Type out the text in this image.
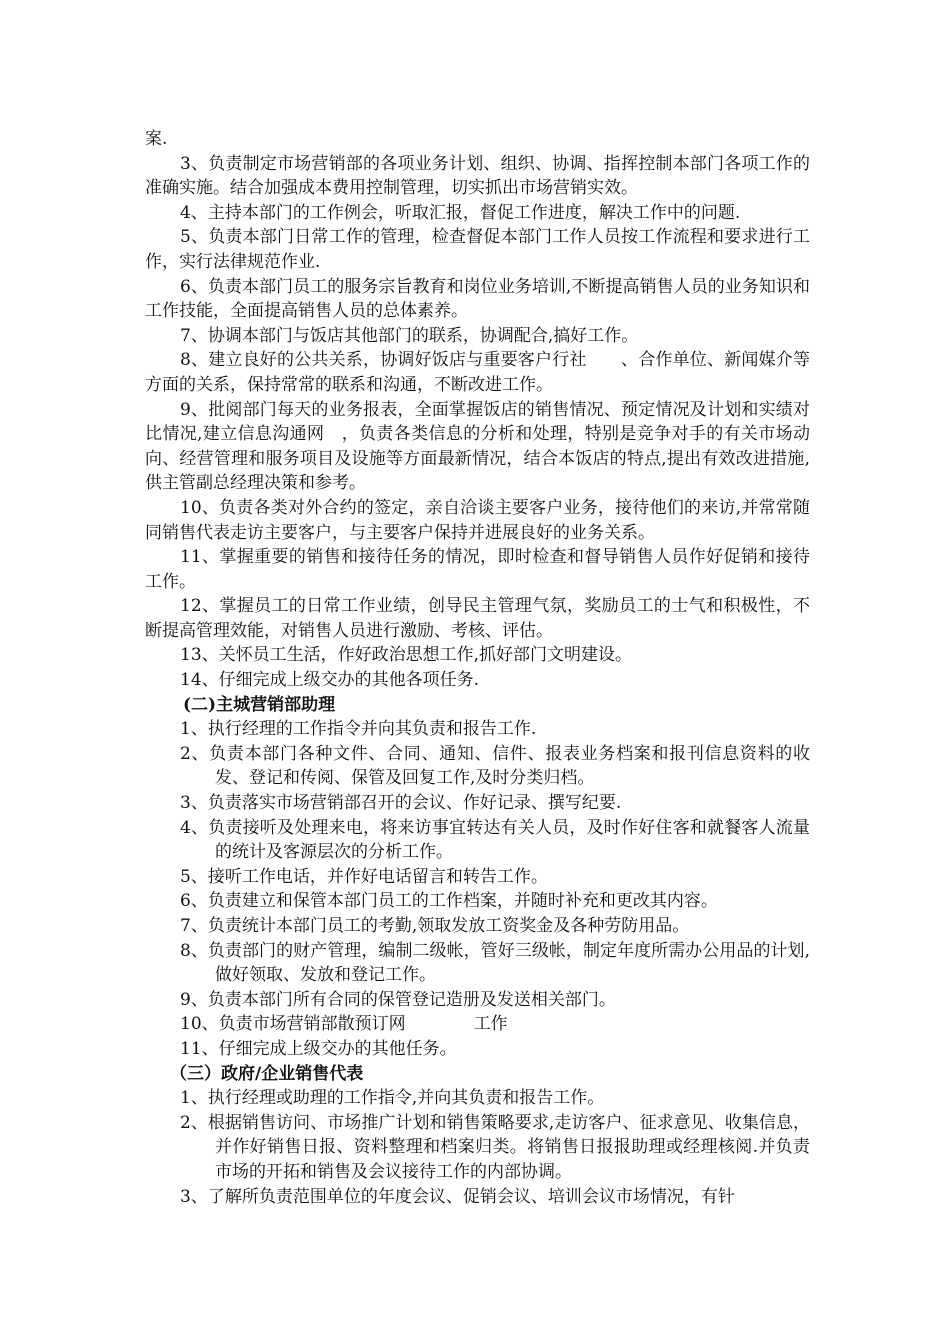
案.

3、负责制定市场营销部的各项业务计划、组织、协调、指挥控制本部门各项工作的准确实施。结合加强成本费用控制管理，切实抓出市场营销实效。

4、主持本部门的工作例会，听取汇报，督促工作进度，解决工作中的问题.

5、负责本部门日常工作的管理，检查督促本部门工作人员按工作流程和要求进行工作，实行法律规范作业.

6、负责本部门员工的服务宗旨教育和岗位业务培训,不断提高销售人员的业务知识和工作技能，全面提高销售人员的总体素养。

7、协调本部门与饭店其他部门的联系，协调配合,搞好工作。

8、建立良好的公共关系，协调好饭店与重要客户行社　　、合作单位、新闻媒介等方面的关系，保持常常的联系和沟通，不断改进工作。

9、批阅部门每天的业务报表，全面掌握饭店的销售情况、预定情况及计划和实绩对比情况,建立信息沟通网　，负责各类信息的分析和处理，特别是竞争对手的有关市场动向、经营管理和服务项目及设施等方面最新情况，结合本饭店的特点,提出有效改进措施,供主管副总经理决策和参考。

10、负责各类对外合约的签定，亲自洽谈主要客户业务，接待他们的来访,并常常随同销售代表走访主要客户，与主要客户保持并进展良好的业务关系。

11、掌握重要的销售和接待任务的情况，即时检查和督导销售人员作好促销和接待工作。

12、掌握员工的日常工作业绩，创导民主管理气氛，奖励员工的士气和积极性，不断提高管理效能，对销售人员进行激励、考核、评估。

13、关怀员工生活，作好政治思想工作,抓好部门文明建设。

14、仔细完成上级交办的其他各项任务.

(二)主城营销部助理

1、执行经理的工作指令并向其负责和报告工作.

2、负责本部门各种文件、合同、通知、信件、报表业务档案和报刊信息资料的收发、登记和传阅、保管及回复工作,及时分类归档。

3、负责落实市场营销部召开的会议、作好记录、撰写纪要.

4、负责接听及处理来电，将来访事宜转达有关人员，及时作好住客和就餐客人流量的统计及客源层次的分析工作。

5、接听工作电话，并作好电话留言和转告工作。

6、负责建立和保管本部门员工的工作档案，并随时补充和更改其内容。

7、负责统计本部门员工的考勤,领取发放工资奖金及各种劳防用品。

8、负责部门的财产管理，编制二级帐，管好三级帐，制定年度所需办公用品的计划,做好领取、发放和登记工作。

9、负责本部门所有合同的保管登记造册及发送相关部门。

10、负责市场营销部散预订网　　　　工作

11、仔细完成上级交办的其他任务。

（三）政府/企业销售代表

1、执行经理或助理的工作指令,并向其负责和报告工作。

2、根据销售访问、市场推广计划和销售策略要求,走访客户、征求意见、收集信息，并作好销售日报、资料整理和档案归类。将销售日报报助理或经理核阅.并负责市场的开拓和销售及会议接待工作的内部协调。

3、了解所负责范围单位的年度会议、促销会议、培训会议市场情况，有针
